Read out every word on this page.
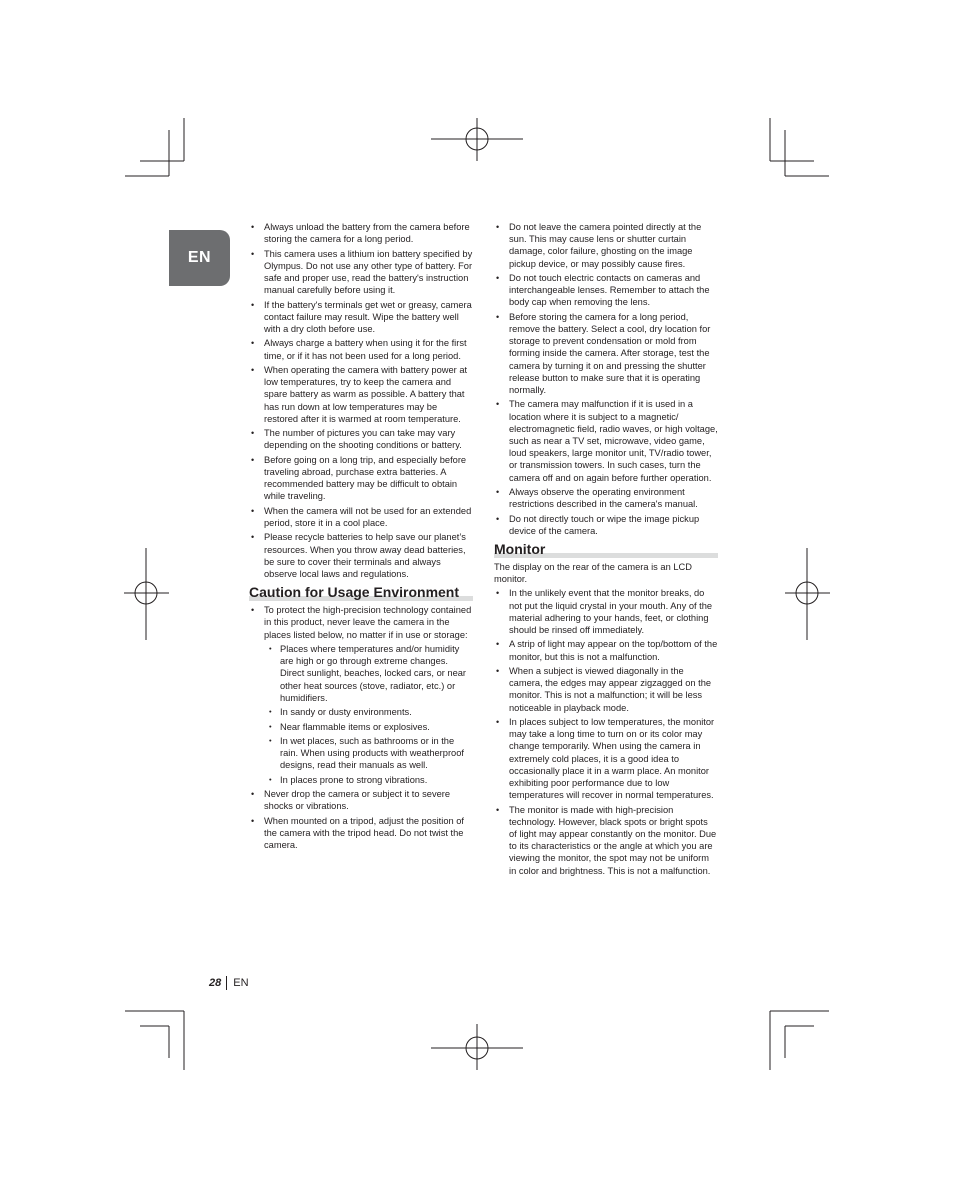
EN
• Always unload the battery from the camera before storing the camera for a long period.
• This camera uses a lithium ion battery specified by Olympus. Do not use any other type of battery. For safe and proper use, read the battery's instruction manual carefully before using it.
• If the battery's terminals get wet or greasy, camera contact failure may result. Wipe the battery well with a dry cloth before use.
• Always charge a battery when using it for the first time, or if it has not been used for a long period.
• When operating the camera with battery power at low temperatures, try to keep the camera and spare battery as warm as possible. A battery that has run down at low temperatures may be restored after it is warmed at room temperature.
• The number of pictures you can take may vary depending on the shooting conditions or battery.
• Before going on a long trip, and especially before traveling abroad, purchase extra batteries. A recommended battery may be difficult to obtain while traveling.
• When the camera will not be used for an extended period, store it in a cool place.
• Please recycle batteries to help save our planet’s resources. When you throw away dead batteries, be sure to cover their terminals and always observe local laws and regulations.
Caution for Usage Environment
• To protect the high-precision technology contained in this product, never leave the camera in the places listed below, no matter if in use or storage:
• Places where temperatures and/or humidity are high or go through extreme changes. Direct sunlight, beaches, locked cars, or near other heat sources (stove, radiator, etc.) or humidifiers.
• In sandy or dusty environments.
• Near flammable items or explosives.
• In wet places, such as bathrooms or in the rain. When using products with weatherproof designs, read their manuals as well.
• In places prone to strong vibrations.
• Never drop the camera or subject it to severe shocks or vibrations.
• When mounted on a tripod, adjust the position of the camera with the tripod head. Do not twist the camera.
• Do not leave the camera pointed directly at the sun. This may cause lens or shutter curtain damage, color failure, ghosting on the image pickup device, or may possibly cause fires.
• Do not touch electric contacts on cameras and interchangeable lenses. Remember to attach the body cap when removing the lens.
• Before storing the camera for a long period, remove the battery. Select a cool, dry location for storage to prevent condensation or mold from forming inside the camera. After storage, test the camera by turning it on and pressing the shutter release button to make sure that it is operating normally.
• The camera may malfunction if it is used in a location where it is subject to a magnetic/ electromagnetic field, radio waves, or high voltage, such as near a TV set, microwave, video game, loud speakers, large monitor unit, TV/radio tower, or transmission towers. In such cases, turn the camera off and on again before further operation.
• Always observe the operating environment restrictions described in the camera's manual.
• Do not directly touch or wipe the image pickup device of the camera.
Monitor

The display on the rear of the camera is an LCD monitor.

• In the unlikely event that the monitor breaks, do not put the liquid crystal in your mouth. Any of the material adhering to your hands, feet, or clothing should be rinsed off immediately.
• A strip of light may appear on the top/bottom of the monitor, but this is not a malfunction.
• When a subject is viewed diagonally in the camera, the edges may appear zigzagged on the monitor. This is not a malfunction; it will be less noticeable in playback mode.
• In places subject to low temperatures, the monitor may take a long time to turn on or its color may change temporarily. When using the camera in extremely cold places, it is a good idea to occasionally place it in a warm place. An monitor exhibiting poor performance due to low temperatures will recover in normal temperatures.
• The monitor is made with high-precision technology. However, black spots or bright spots of light may appear constantly on the monitor. Due to its characteristics or the angle at which you are viewing the monitor, the spot may not be uniform in color and brightness. This is not a malfunction.
28 EN
